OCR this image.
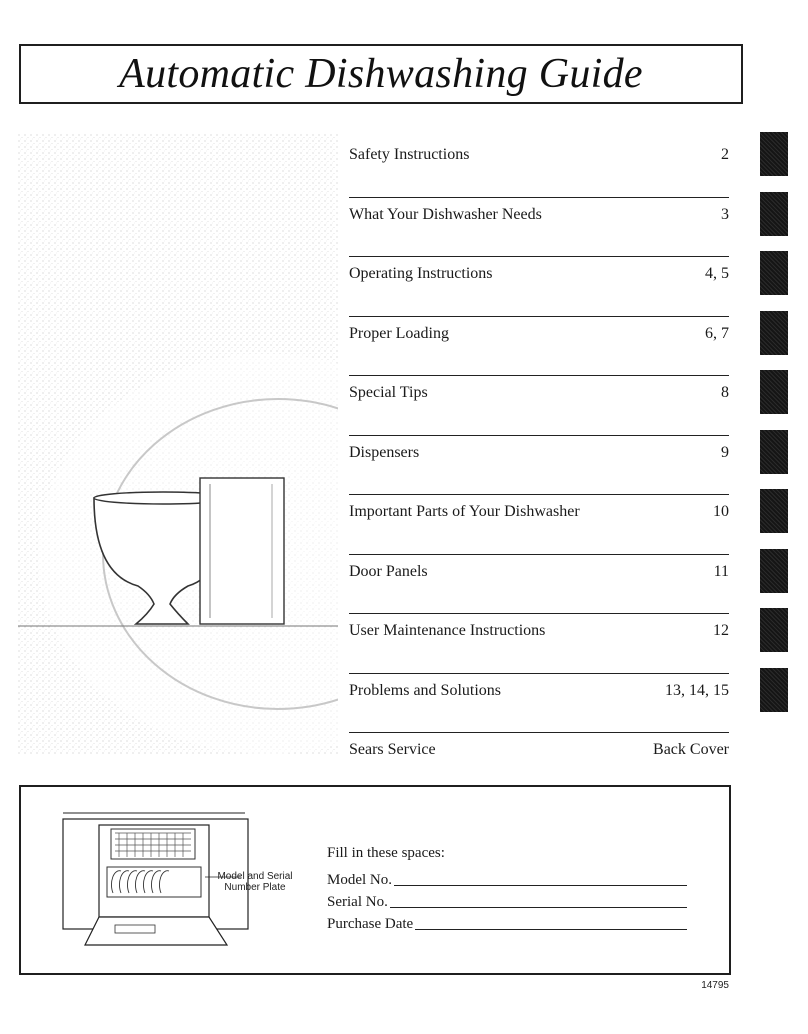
Automatic Dishwashing Guide
Safety Instructions	2
What Your Dishwasher Needs	3
Operating Instructions	4, 5
Proper Loading	6, 7
Special Tips	8
Dispensers	9
Important Parts of Your Dishwasher	10
Door Panels	11
User Maintenance Instructions	12
Problems and Solutions	13, 14, 15
Sears Service	Back Cover
Model and Serial
Number Plate
Fill in these spaces:
Model No.
Serial No.
Purchase Date
14795
